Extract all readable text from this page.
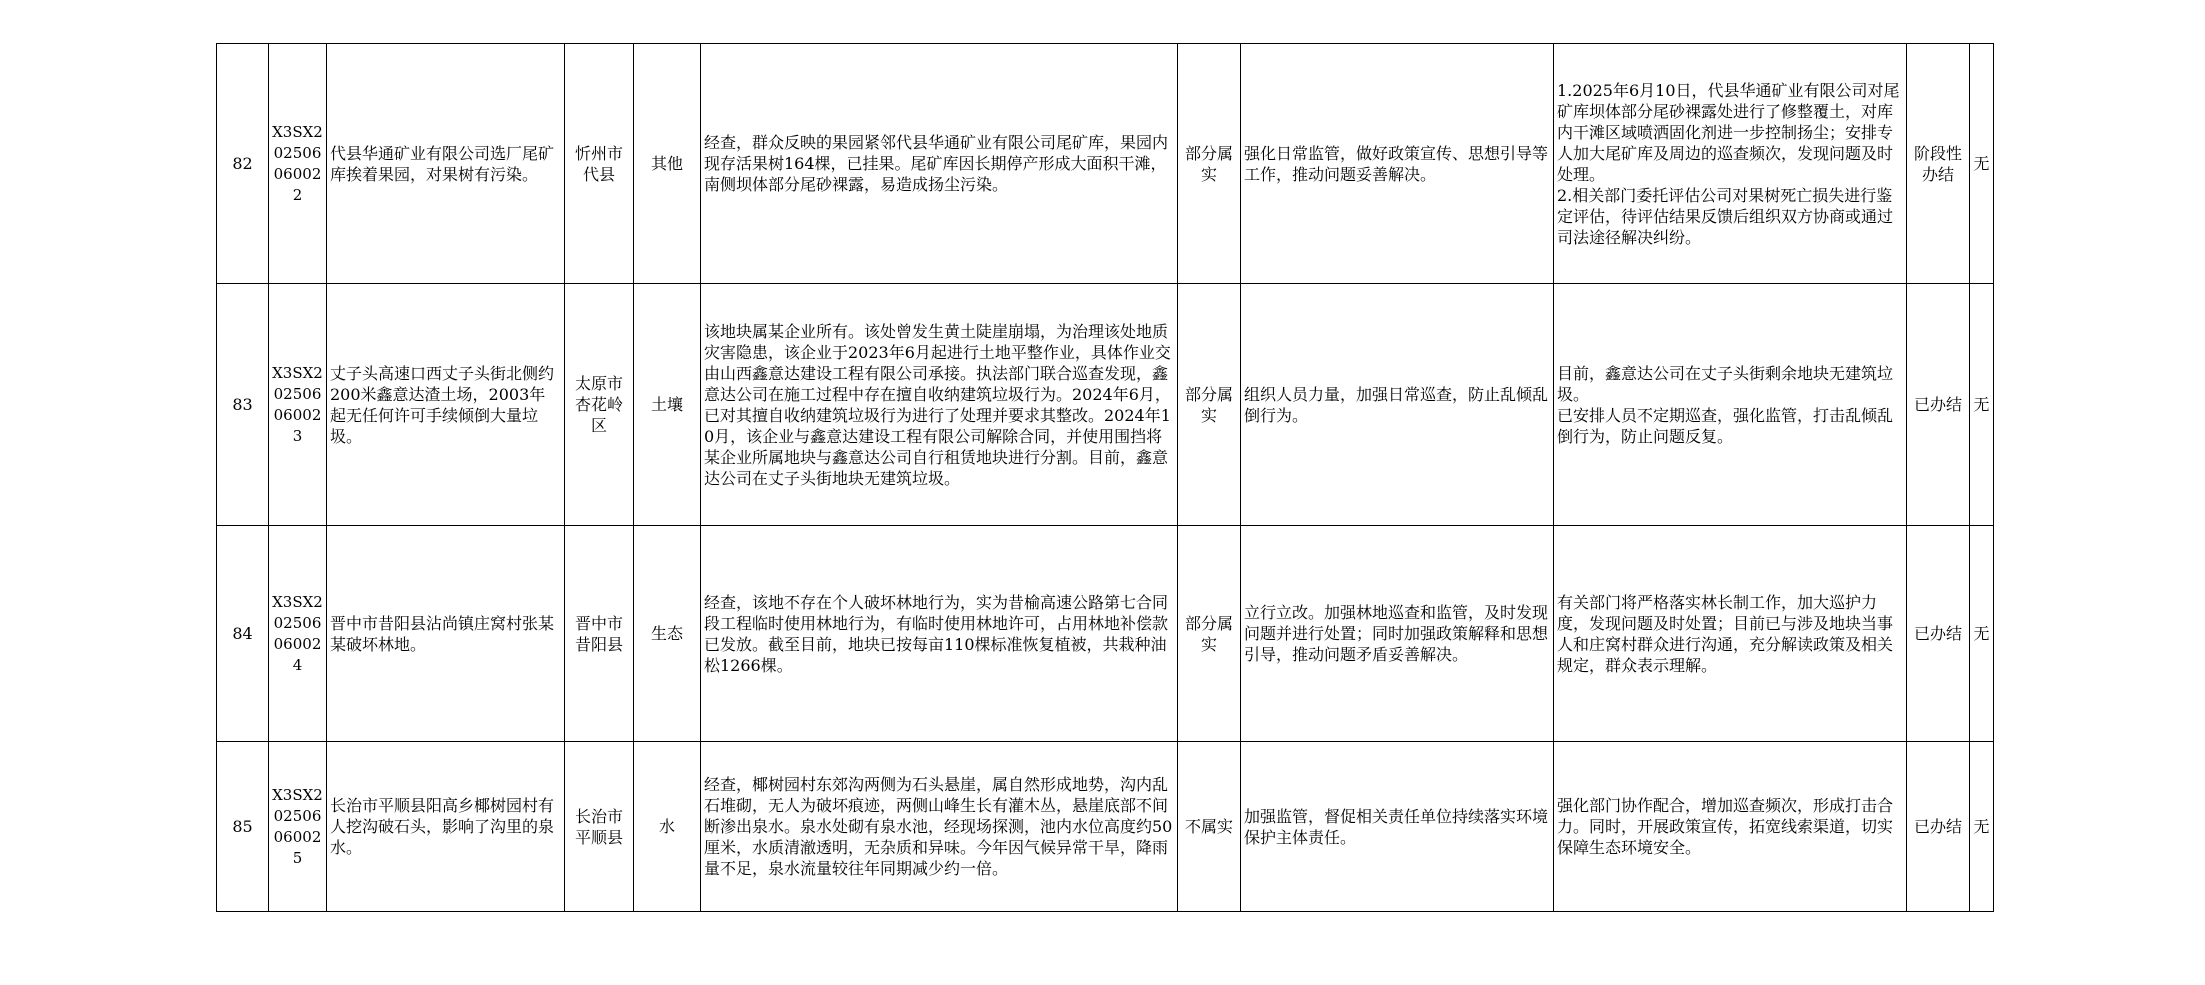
82	X3SX2 02506 06002 2	代县华通矿业有限公司选厂尾矿库挨着果园，对果树有污染。	忻州市代县	其他	经查，群众反映的果园紧邻代县华通矿业有限公司尾矿库，果园内现存活果树164棵，已挂果。尾矿库因长期停产形成大面积干滩，南侧坝体部分尾砂裸露，易造成扬尘污染。	部分属实	强化日常监管，做好政策宣传、思想引导等工作，推动问题妥善解决。	1.2025年6月10日，代县华通矿业有限公司对尾矿库坝体部分尾砂裸露处进行了修整覆土，对库内干滩区域喷洒固化剂进一步控制扬尘；安排专人加大尾矿库及周边的巡查频次，发现问题及时处理。
2.相关部门委托评估公司对果树死亡损失进行鉴定评估，待评估结果反馈后组织双方协商或通过司法途径解决纠纷。	阶段性办结	无
83	X3SX2 02506 06002 3	丈子头高速口西丈子头街北侧约200米鑫意达渣土场，2003年起无任何许可手续倾倒大量垃圾。	太原市杏花岭区	土壤	该地块属某企业所有。该处曾发生黄土陡崖崩塌，为治理该处地质灾害隐患，该企业于2023年6月起进行土地平整作业，具体作业交由山西鑫意达建设工程有限公司承接。执法部门联合巡查发现，鑫意达公司在施工过程中存在擅自收纳建筑垃圾行为。2024年6月，已对其擅自收纳建筑垃圾行为进行了处理并要求其整改。2024年10月，该企业与鑫意达建设工程有限公司解除合同，并使用围挡将某企业所属地块与鑫意达公司自行租赁地块进行分割。目前，鑫意达公司在丈子头街地块无建筑垃圾。	部分属实	组织人员力量，加强日常巡查，防止乱倾乱倒行为。	目前，鑫意达公司在丈子头街剩余地块无建筑垃圾。
已安排人员不定期巡查，强化监管，打击乱倾乱倒行为，防止问题反复。	已办结	无
84	X3SX2 02506 06002 4	晋中市昔阳县沾尚镇庄窝村张某某破坏林地。	晋中市昔阳县	生态	经查，该地不存在个人破坏林地行为，实为昔榆高速公路第七合同段工程临时使用林地行为，有临时使用林地许可，占用林地补偿款已发放。截至目前，地块已按每亩110棵标准恢复植被，共栽种油松1266棵。	部分属实	立行立改。加强林地巡查和监管，及时发现问题并进行处置；同时加强政策解释和思想引导，推动问题矛盾妥善解决。	有关部门将严格落实林长制工作，加大巡护力度，发现问题及时处置；目前已与涉及地块当事人和庄窝村群众进行沟通，充分解读政策及相关规定，群众表示理解。	已办结	无
85	X3SX2 02506 06002 5	长治市平顺县阳高乡椰树园村有人挖沟破石头，影响了沟里的泉水。	长治市平顺县	水	经查，椰树园村东郊沟两侧为石头悬崖，属自然形成地势，沟内乱石堆砌，无人为破坏痕迹，两侧山峰生长有灌木丛，悬崖底部不间断渗出泉水。泉水处砌有泉水池，经现场探测，池内水位高度约50厘米，水质清澈透明，无杂质和异味。今年因气候异常干旱，降雨量不足，泉水流量较往年同期减少约一倍。	不属实	加强监管，督促相关责任单位持续落实环境保护主体责任。	强化部门协作配合，增加巡查频次，形成打击合力。同时，开展政策宣传，拓宽线索渠道，切实保障生态环境安全。	已办结	无
